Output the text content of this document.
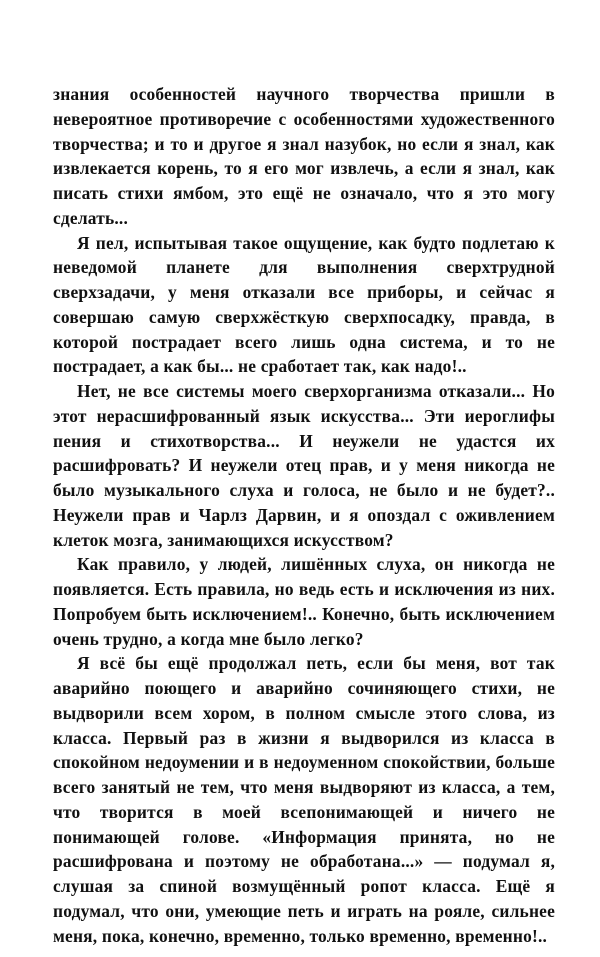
знания особенностей научного творчества пришли в невероятное противоречие с особенностями художественного творчества; и то и другое я знал назубок, но если я знал, как извлекается корень, то я его мог извлечь, а если я знал, как писать стихи ямбом, это ещё не означало, что я это могу сделать...

Я пел, испытывая такое ощущение, как будто подлетаю к неведомой планете для выполнения сверхтрудной сверхзадачи, у меня отказали все приборы, и сейчас я совершаю самую сверхжёсткую сверхпосадку, правда, в которой пострадает всего лишь одна система, и то не пострадает, а как бы... не сработает так, как надо!..

Нет, не все системы моего сверхорганизма отказали... Но этот нерасшифрованный язык искусства... Эти иероглифы пения и стихотворства... И неужели не удастся их расшифровать? И неужели отец прав, и у меня никогда не было музыкального слуха и голоса, не было и не будет?.. Неужели прав и Чарлз Дарвин, и я опоздал с оживлением клеток мозга, занимающихся искусством?

Как правило, у людей, лишённых слуха, он никогда не появляется. Есть правила, но ведь есть и исключения из них. Попробуем быть исключением!.. Конечно, быть исключением очень трудно, а когда мне было легко?

Я всё бы ещё продолжал петь, если бы меня, вот так аварийно поющего и аварийно сочиняющего стихи, не выдворили всем хором, в полном смысле этого слова, из класса. Первый раз в жизни я выдворился из класса в спокойном недоумении и в недоуменном спокойствии, больше всего занятый не тем, что меня выдворяют из класса, а тем, что творится в моей всепонимающей и ничего не понимающей голове. «Информация принята, но не расшифрована и поэтому не обработана...» — подумал я, слушая за спиной возмущённый ропот класса. Ещё я подумал, что они, умеющие петь и играть на рояле, сильнее меня, пока, конечно, временно, только временно, временно!..
